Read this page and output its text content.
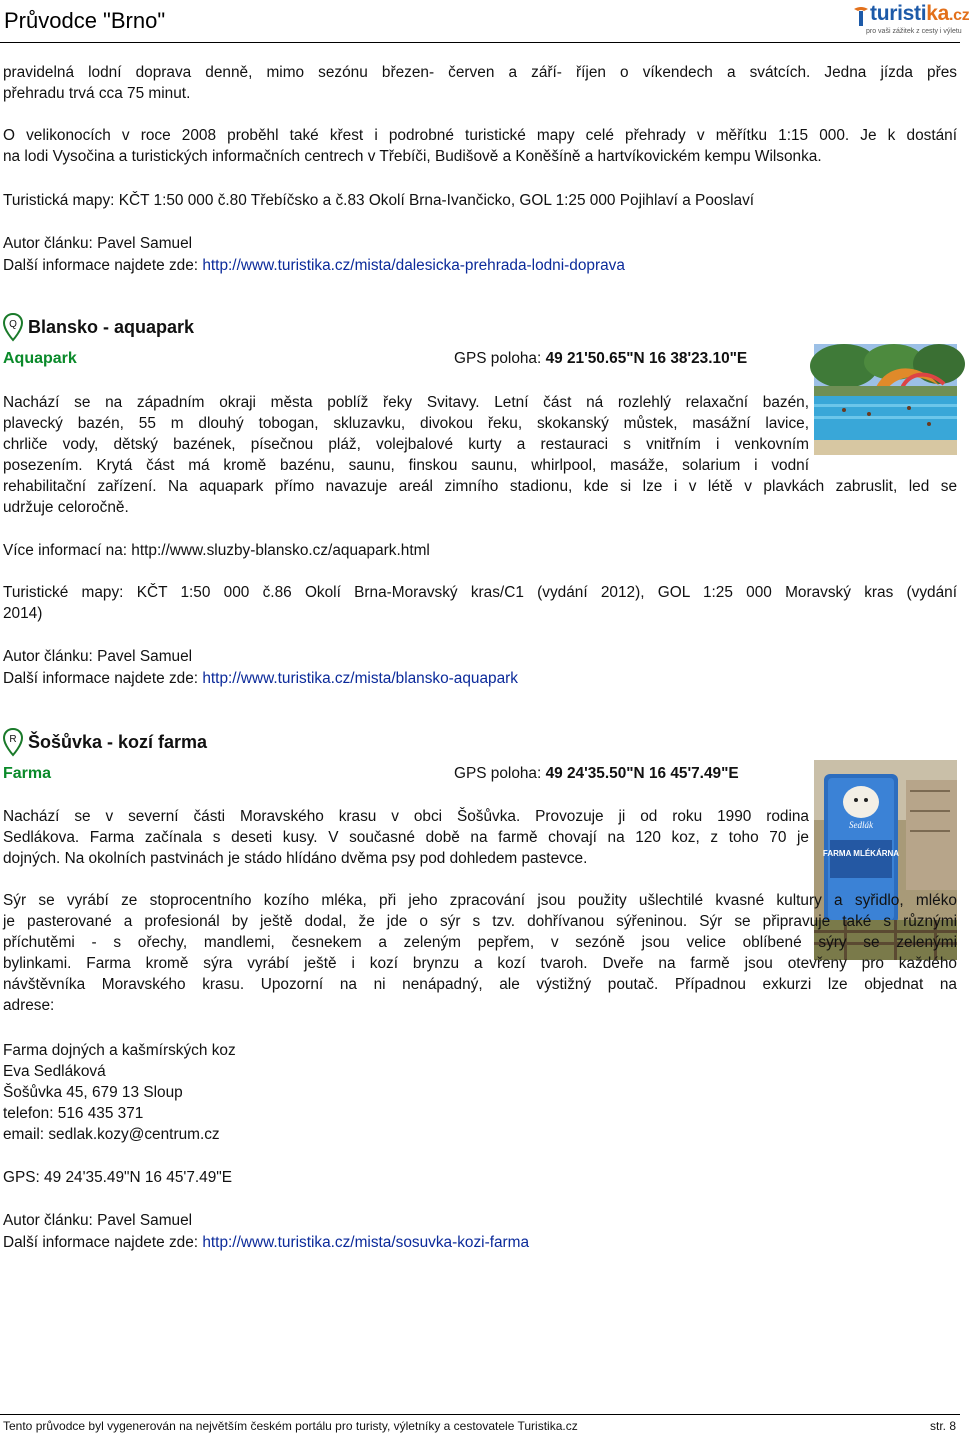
Průvodce "Brno"	turistika.cz
pro vaši zážitek z cesty i výletu

pravidelná lodní doprava denně, mimo sezónu březen- červen a září- říjen o víkendech a svátcích. Jedna jízda přes
přehradu trvá cca 75 minut.

O velikonocích v roce 2008 proběhl také křest i podrobné turistické mapy celé přehrady v měřítku 1:15 000. Je k dostání
na lodi Vysočina a turistických informačních centrech v Třebíči, Budišově a Koněšíně a hartvíkovickém kempu Wilsonka.

Turistická mapy: KČT 1:50 000 č.80 Třebíčsko a č.83 Okolí Brna-Ivančicko, GOL 1:25 000 Pojihlaví a Pooslaví

Autor článku: Pavel Samuel

Další informace najdete zde: http://www.turistika.cz/mista/dalesicka-prehrada-lodni-doprava

Q Blansko - aquapark
Aquapark	GPS poloha: 49 21'50.65"N 16 38'23.10"E

Nachází se na západním okraji města poblíž řeky Svitavy. Letní část ná rozlehlý relaxační bazén,
plavecký bazén, 55 m dlouhý tobogan, skluzavku, divokou řeku, skokanský můstek, masážní lavice,
chrliče vody, dětský bazének, písečnou pláž, volejbalové kurty a restauraci s vnitřním i venkovním
posezením. Krytá část má kromě bazénu, saunu, finskou saunu, whirlpool, masáže, solarium i vodní

rehabilitační zařízení. Na aquapark přímo navazuje areál zimního stadionu, kde si lze i v létě v plavkách zabruslit, led se
udržuje celoročně.

Více informací na: http://www.sluzby-blansko.cz/aquapark.html

Turistické mapy: KČT 1:50 000 č.86 Okolí Brna-Moravský kras/C1 (vydání 2012), GOL 1:25 000 Moravský kras (vydání
2014)

Autor článku: Pavel Samuel

Další informace najdete zde: http://www.turistika.cz/mista/blansko-aquapark

R Šošůvka - kozí farma
Farma	GPS poloha: 49 24'35.50"N 16 45'7.49"E
Sedlák
FARMA MLÉKÁRNA

Nachází se v severní části Moravského krasu v obci Šošůvka. Provozuje ji od roku 1990 rodina
Sedlákova. Farma začínala s deseti kusy. V současné době na farmě chovají na 120 koz, z toho 70 je
dojných. Na okolních pastvinách je stádo hlídáno dvěma psy pod dohledem pastevce.

Sýr se vyrábí ze stoprocentního kozího mléka, při jeho zpracování jsou použity ušlechtilé kvasné kultury a syřidlo, mléko
je pasterované a profesionál by ještě dodal, že jde o sýr s tzv. dohřívanou sýřeninou. Sýr se připravuje také s různými
příchutěmi - s ořechy, mandlemi, česnekem a zeleným pepřem, v sezóně jsou velice oblíbené sýry se zelenými
bylinkami. Farma kromě sýra vyrábí ještě i kozí brynzu a kozí tvaroh. Dveře na farmě jsou otevřeny pro každého
návštěvníka Moravského krasu. Upozorní na ni nenápadný, ale výstižný poutač. Případnou exkurzi lze objednat na
adrese:

Farma dojných a kašmírských koz
Eva Sedláková
Šošůvka 45, 679 13 Sloup
telefon: 516 435 371
email: sedlak.kozy@centrum.cz

GPS: 49 24'35.49"N 16 45'7.49"E

Autor článku: Pavel Samuel

Další informace najdete zde: http://www.turistika.cz/mista/sosuvka-kozi-farma

Tento průvodce byl vygenerován na největším českém portálu pro turisty, výletníky a cestovatele Turistika.cz	str. 8
